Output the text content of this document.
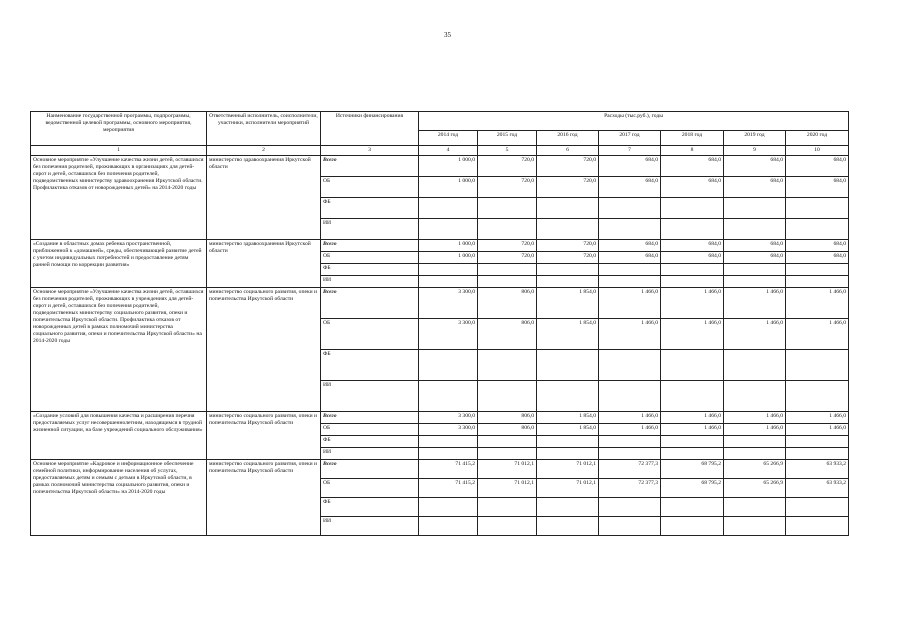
35
Наименование государственной программы, подпрограммы, ведомственной целевой программы, основного мероприятия, мероприятия	Ответственный исполнитель, соисполнители, участники, исполнители мероприятий	Источники финансирования	Расходы (тыс.руб.), годы						
			2014 год	2015 год	2016 год	2017 год	2018 год	2019 год	2020 год
1	2	3	4	5	6	7	8	9	10
Основное мероприятие «Улучшение качества жизни детей, оставшихся без попечения родителей, проживающих в организациях для детей-сирот и детей, оставшихся без попечения родителей, подведомственных министерству здравоохранения Иркутской области. Профилактика отказов от новорожденных детей» на 2014-2020 годы	министерство здравоохранения Иркутской области	Всего	1 000,0	720,0	720,0	684,0	684,0	684,0	684,0
		ОБ	1 000,0	720,0	720,0	684,0	684,0	684,0	684,0
		ФБ							
		ИИ							
«Создание в областных домах ребенка пространственной, приближенной к «домашней», среды, обеспечивающей развитие детей с учетом индивидуальных потребностей и предоставление детям ранней помощи по коррекции развития»	министерство здравоохранения Иркутской области	Всего	1 000,0	720,0	720,0	684,0	684,0	684,0	684,0
		ОБ	1 000,0	720,0	720,0	684,0	684,0	684,0	684,0
		ФБ							
		ИИ							
Основное мероприятие «Улучшение качества жизни детей, оставшихся без попечения родителей, проживающих в учреждениях для детей-сирот и детей, оставшихся без попечения родителей, подведомственных министерству социального развития, опеки и попечительства Иркутской области. Профилактика отказов от новорожденных детей в рамках полномочий министерства социального развития, опеки и попечительства Иркутской области» на 2014-2020 годы	министерство социального развития, опеки и попечительства Иркутской области	Всего	3 300,0	806,0	1 854,0	1 466,0	1 466,0	1 466,0	1 466,0
		ОБ	3 300,0	806,0	1 854,0	1 466,0	1 466,0	1 466,0	1 466,0
		ФБ							
		ИИ							
«Создание условий для повышения качества и расширения перечня предоставляемых услуг несовершеннолетним, находящимся в трудной жизненной ситуации, на базе учреждений социального обслуживания»	министерство социального развития, опеки и попечительства Иркутской области	Всего	3 300,0	806,0	1 854,0	1 466,0	1 466,0	1 466,0	1 466,0
		ОБ	3 300,0	806,0	1 854,0	1 466,0	1 466,0	1 466,0	1 466,0
		ФБ							
		ИИ							
Основное мероприятие «Кадровое и информационное обеспечение семейной политики, информирование населения об услугах, предоставляемых детям и семьям с детьми в Иркутской области, в рамках полномочий министерства социального развития, опеки и попечительства Иркутской области» на 2014-2020 годы	министерство социального развития, опеки и попечительства Иркутской области	Всего	71 415,2	71 012,1	71 012,1	72 377,3	68 795,2	65 266,9	63 933,2
		ОБ	71 415,2	71 012,1	71 012,1	72 377,3	68 795,2	65 266,9	63 933,2
		ФБ							
		ИИ							
